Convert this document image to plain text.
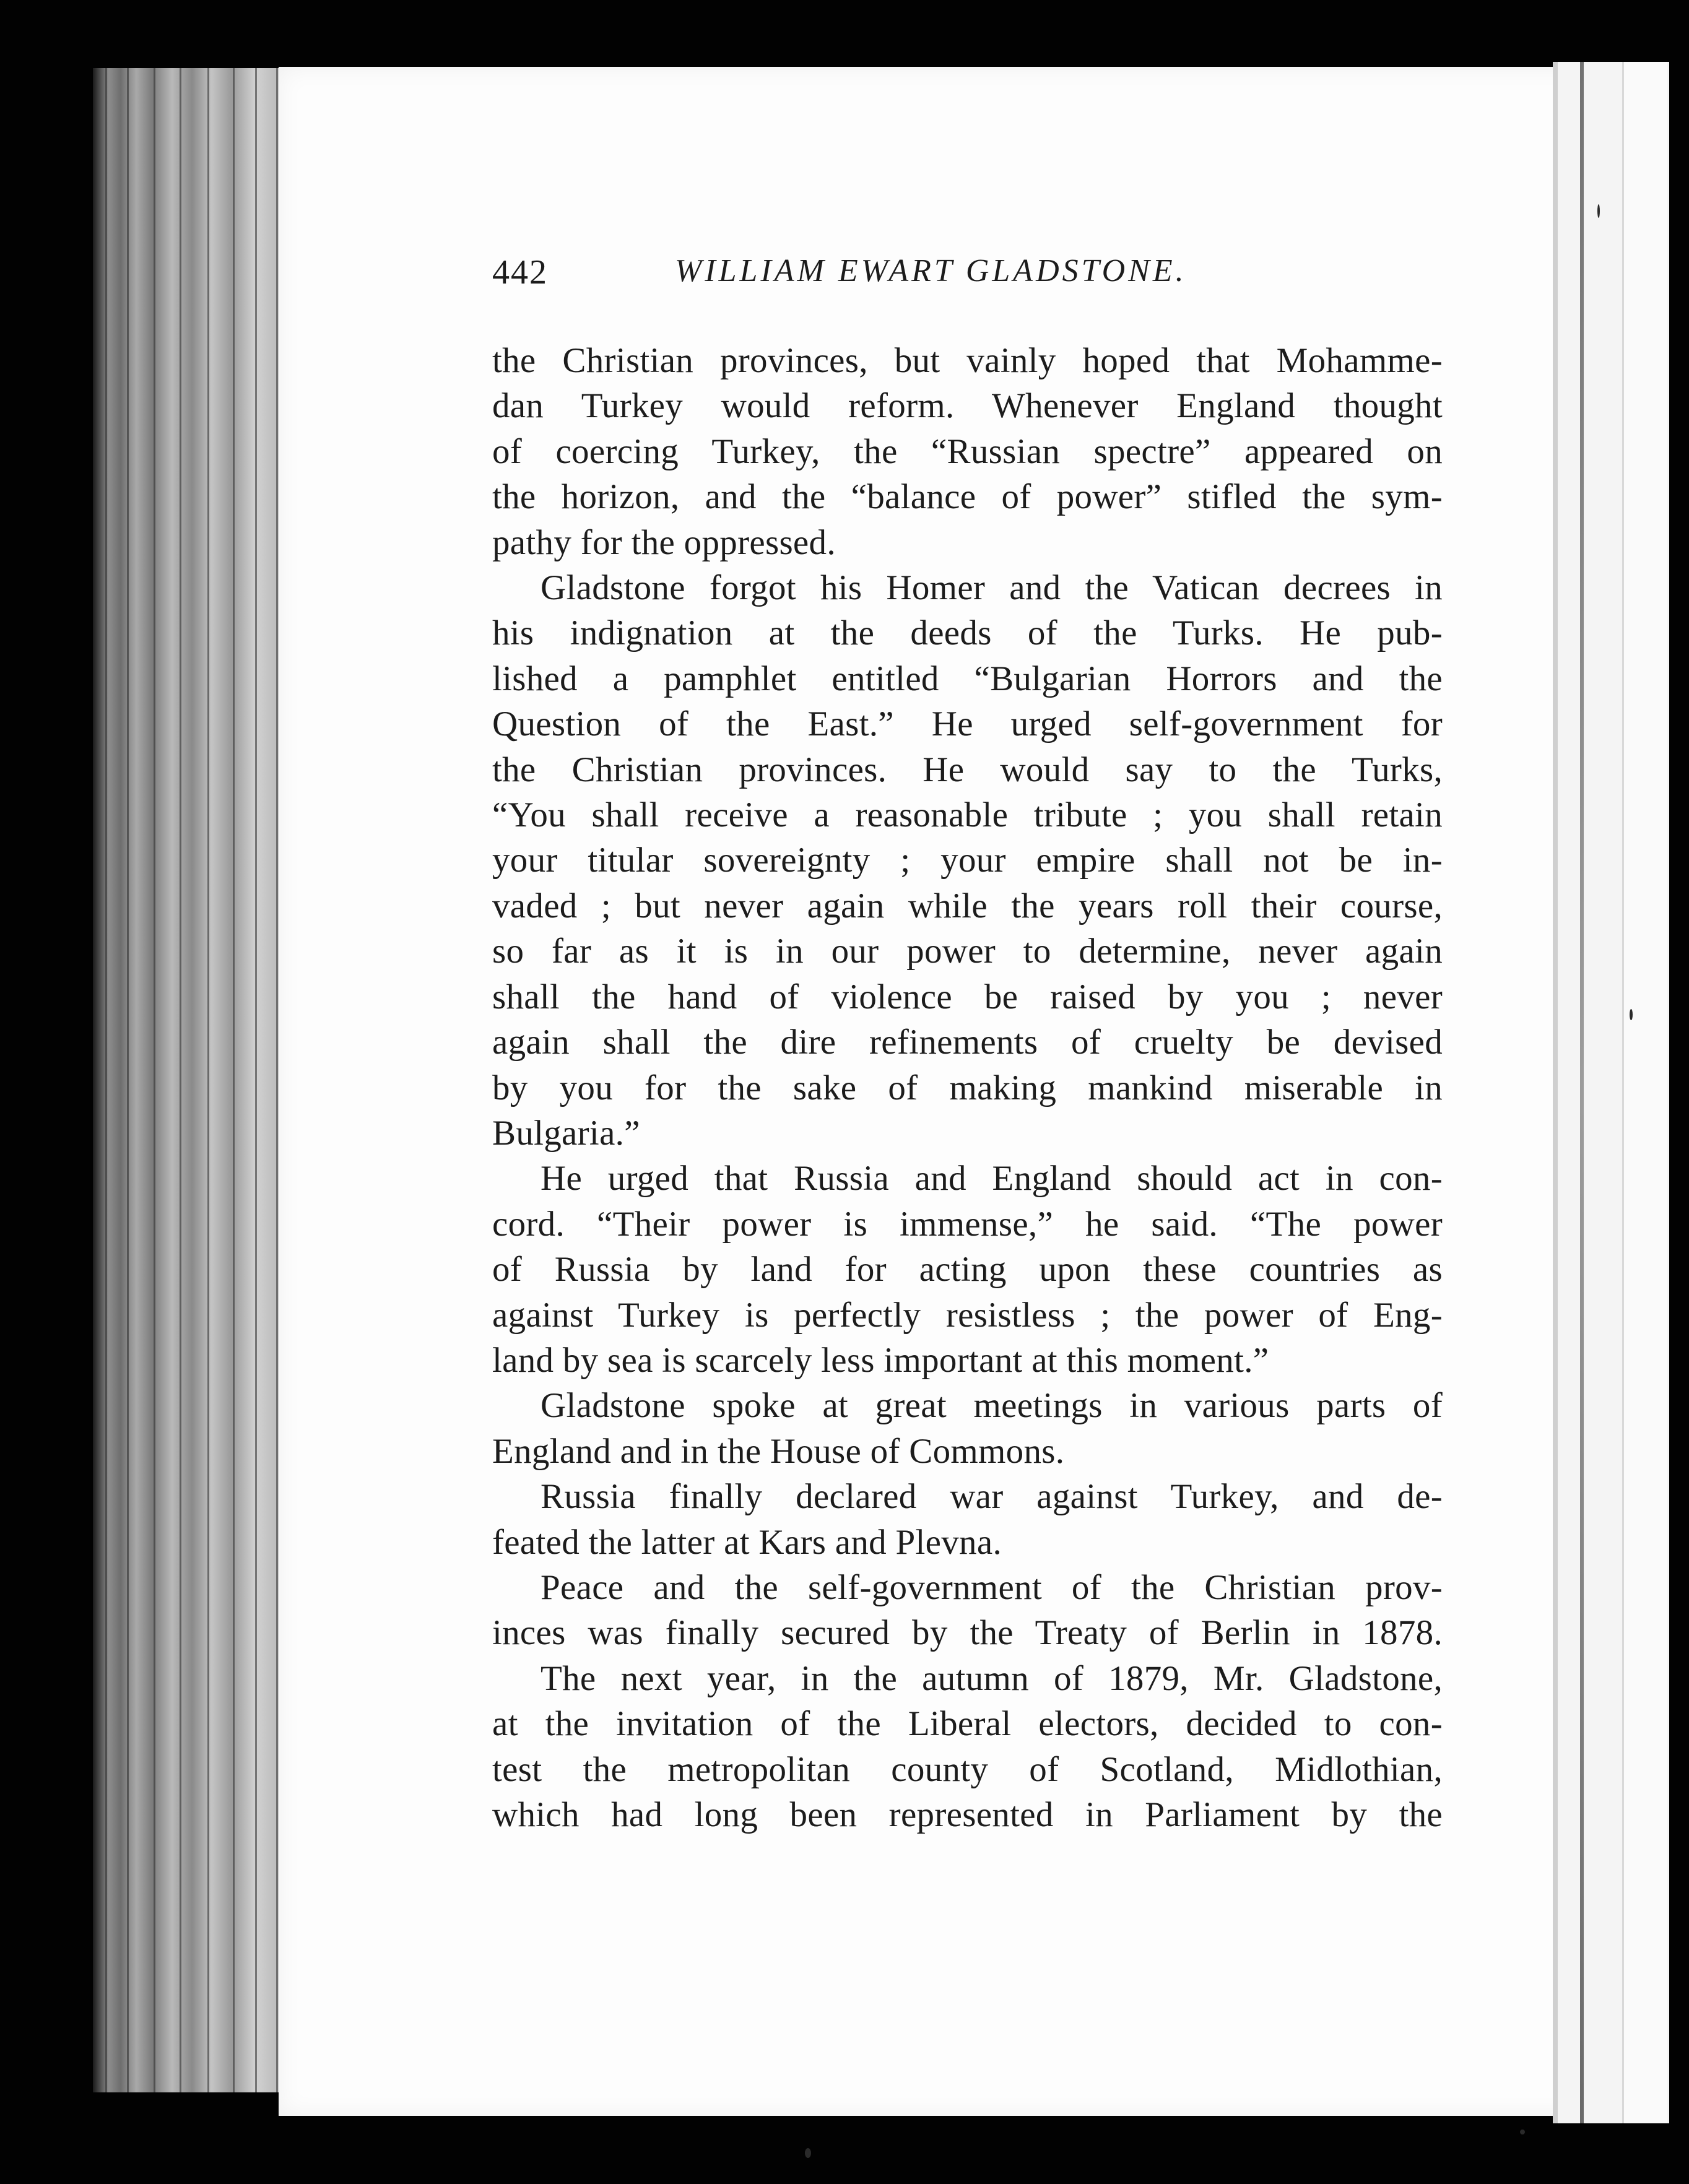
442	WILLIAM EWART GLADSTONE.
the Christian provinces, but vainly hoped that Mohamme-
dan Turkey would reform. Whenever England thought
of coercing Turkey, the “Russian spectre” appeared on
the horizon, and the “balance of power” stifled the sym-
pathy for the oppressed.
Gladstone forgot his Homer and the Vatican decrees in
his indignation at the deeds of the Turks. He pub-
lished a pamphlet entitled “Bulgarian Horrors and the
Question of the East.” He urged self-government for
the Christian provinces. He would say to the Turks,
“You shall receive a reasonable tribute ; you shall retain
your titular sovereignty ; your empire shall not be in-
vaded ; but never again while the years roll their course,
so far as it is in our power to determine, never again
shall the hand of violence be raised by you ; never
again shall the dire refinements of cruelty be devised
by you for the sake of making mankind miserable in
Bulgaria.”
He urged that Russia and England should act in con-
cord. “Their power is immense,” he said. “The power
of Russia by land for acting upon these countries as
against Turkey is perfectly resistless ; the power of Eng-
land by sea is scarcely less important at this moment.”
Gladstone spoke at great meetings in various parts of
England and in the House of Commons.
Russia finally declared war against Turkey, and de-
feated the latter at Kars and Plevna.
Peace and the self-government of the Christian prov-
inces was finally secured by the Treaty of Berlin in 1878.
The next year, in the autumn of 1879, Mr. Gladstone,
at the invitation of the Liberal electors, decided to con-
test the metropolitan county of Scotland, Midlothian,
which had long been represented in Parliament by the
